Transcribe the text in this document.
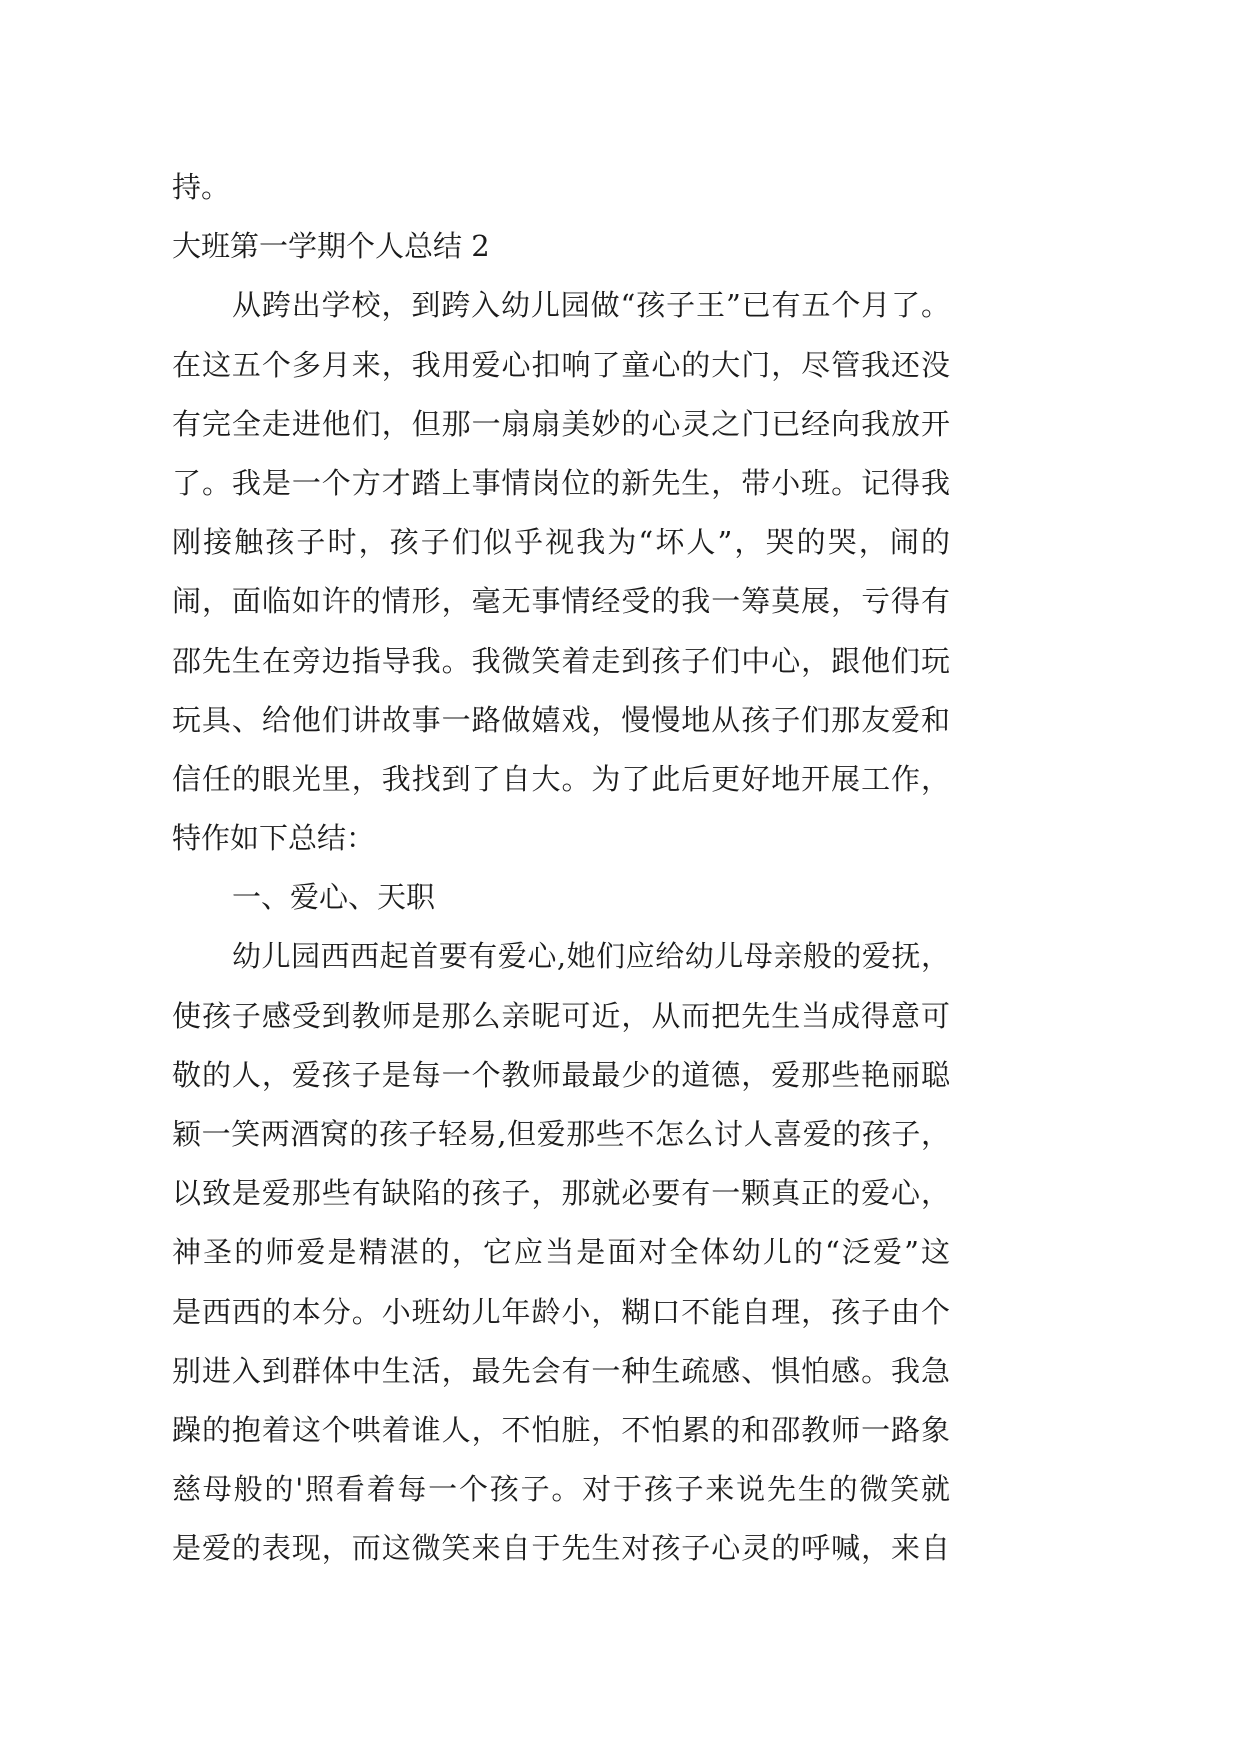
持。
大班第一学期个人总结 2
从跨出学校，到跨入幼儿园做“孩子王”已有五个月了。
在这五个多月来，我用爱心扣响了童心的大门，尽管我还没
有完全走进他们，但那一扇扇美妙的心灵之门已经向我放开
了。我是一个方才踏上事情岗位的新先生，带小班。记得我
刚接触孩子时，孩子们似乎视我为“坏人”，哭的哭，闹的
闹，面临如许的情形，毫无事情经受的我一筹莫展，亏得有
邵先生在旁边指导我。我微笑着走到孩子们中心，跟他们玩
玩具、给他们讲故事一路做嬉戏，慢慢地从孩子们那友爱和
信任的眼光里，我找到了自大。为了此后更好地开展工作，
特作如下总结：
一、爱心、天职
幼儿园西西起首要有爱心,她们应给幼儿母亲般的爱抚，
使孩子感受到教师是那么亲昵可近，从而把先生当成得意可
敬的人，爱孩子是每一个教师最最少的道德，爱那些艳丽聪
颖一笑两酒窝的孩子轻易,但爱那些不怎么讨人喜爱的孩子，
以致是爱那些有缺陷的孩子，那就必要有一颗真正的爱心，
神圣的师爱是精湛的，它应当是面对全体幼儿的“泛爱”这
是西西的本分。小班幼儿年龄小，糊口不能自理，孩子由个
别进入到群体中生活，最先会有一种生疏感、惧怕感。我急
躁的抱着这个哄着谁人，不怕脏，不怕累的和邵教师一路象
慈母般的'照看着每一个孩子。对于孩子来说先生的微笑就
是爱的表现，而这微笑来自于先生对孩子心灵的呼喊，来自
